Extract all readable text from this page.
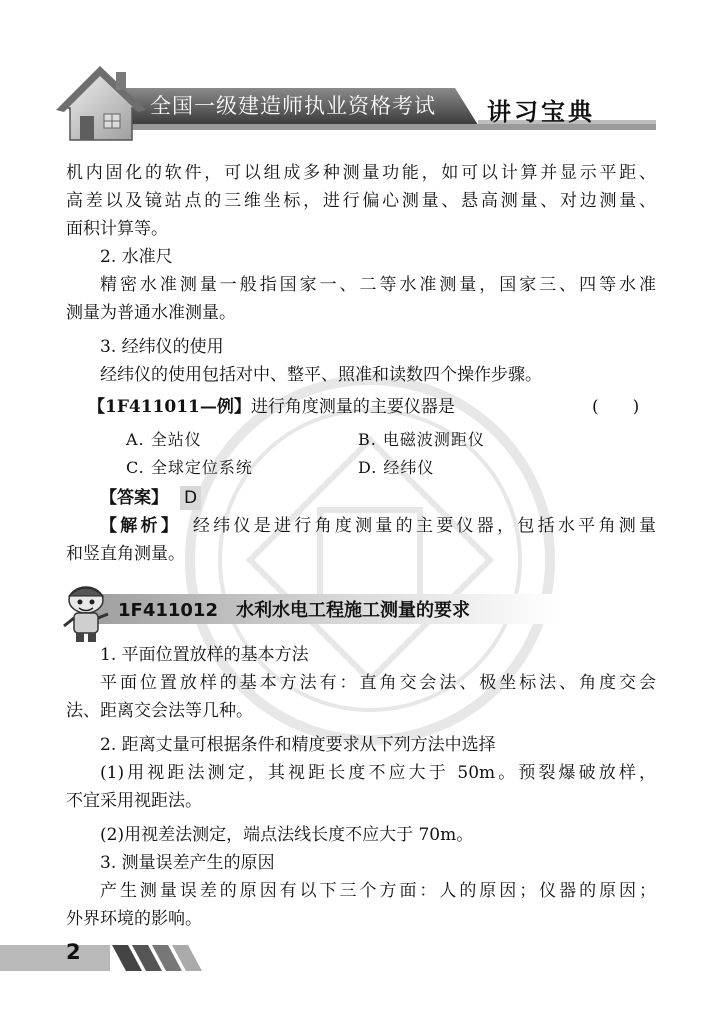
全国一级建造师执业资格考试 讲习宝典
机内固化的软件，可以组成多种测量功能，如可以计算并显示平距、
高差以及镜站点的三维坐标，进行偏心测量、悬高测量、对边测量、
面积计算等。
2. 水准尺
精密水准测量一般指国家一、二等水准测量，国家三、四等水准
测量为普通水准测量。
3. 经纬仪的使用
经纬仪的使用包括对中、整平、照准和读数四个操作步骤。
【1F411011—例】进行角度测量的主要仪器是	(　　)
A. 全站仪	B. 电磁波测距仪
C. 全球定位系统	D. 经纬仪
【答案】 D
【解析】　 经纬仪是进行角度测量的主要仪器，包括水平角测量
和竖直角测量。
1F411012 水利水电工程施工测量的要求
1. 平面位置放样的基本方法
平面位置放样的基本方法有：直角交会法、极坐标法、角度交会
法、距离交会法等几种。
2. 距离丈量可根据条件和精度要求从下列方法中选择
(1)用视距法测定，其视距长度不应大于 50m。预裂爆破放样，
不宜采用视距法。
(2)用视差法测定，端点法线长度不应大于 70m。
3. 测量误差产生的原因
产生测量误差的原因有以下三个方面：人的原因；仪器的原因；
外界环境的影响。
2
